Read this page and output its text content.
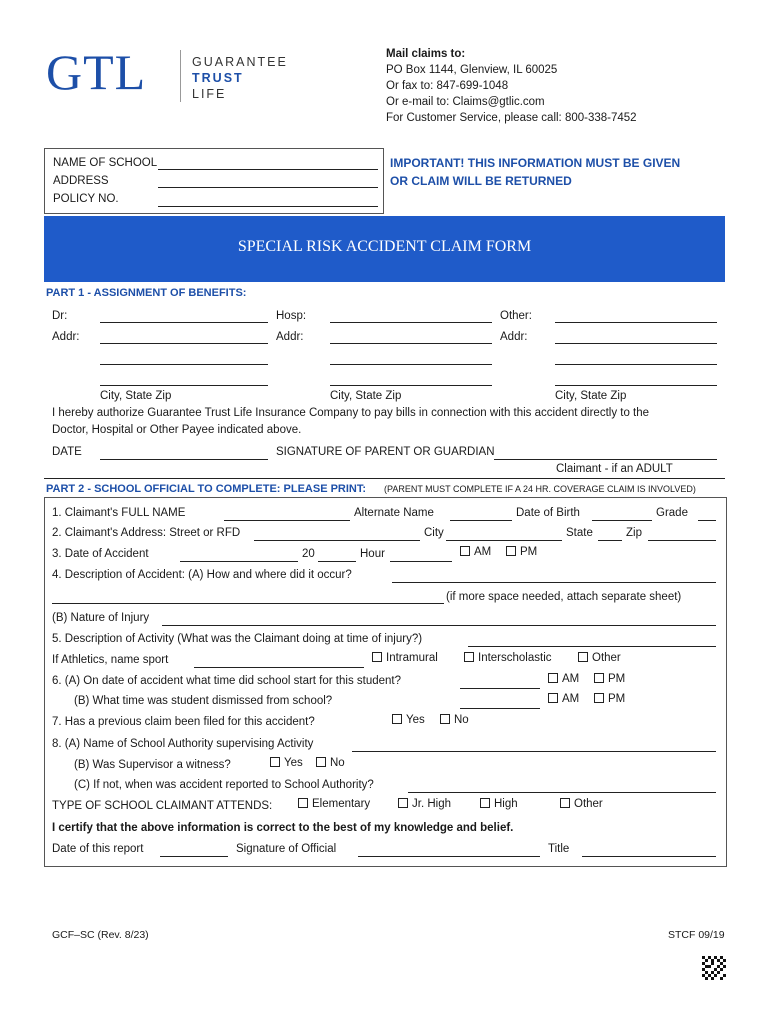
GTL	GUARANTEE
TRUST
LIFE
Mail claims to:
PO Box 1144, Glenview, IL 60025
Or fax to: 847-699-1048
Or e-mail to: Claims@gtlic.com
For Customer Service, please call: 800-338-7452
NAME OF SCHOOL
ADDRESS
POLICY NO.
IMPORTANT! THIS INFORMATION MUST BE GIVEN
OR CLAIM WILL BE RETURNED
SPECIAL RISK ACCIDENT CLAIM FORM
PART 1 - ASSIGNMENT OF BENEFITS:
Dr:	Hosp:	Other:
Addr:	Addr:	Addr:
City, State Zip	City, State Zip	City, State Zip
I hereby authorize Guarantee Trust Life Insurance Company to pay bills in connection with this accident directly to the
Doctor, Hospital or Other Payee indicated above.
DATE	SIGNATURE OF PARENT OR GUARDIAN
Claimant - if an ADULT
PART 2 - SCHOOL OFFICIAL TO COMPLETE: PLEASE PRINT: (PARENT MUST COMPLETE IF A 24 HR. COVERAGE CLAIM IS INVOLVED)
1. Claimant's FULL NAME	Alternate Name	Date of Birth	Grade
2. Claimant's Address: Street or RFD	City	State	Zip
3. Date of Accident	20	Hour	AM	PM
4. Description of Accident: (A) How and where did it occur?
(if more space needed, attach separate sheet)
(B) Nature of Injury
5. Description of Activity (What was the Claimant doing at time of injury?)
If Athletics, name sport	Intramural	Interscholastic	Other
6. (A) On date of accident what time did school start for this student?	AM	PM
(B) What time was student dismissed from school?	AM	PM
7. Has a previous claim been filed for this accident?	Yes	No
8. (A) Name of School Authority supervising Activity
(B) Was Supervisor a witness?	Yes	No
(C) If not, when was accident reported to School Authority?
TYPE OF SCHOOL CLAIMANT ATTENDS:	Elementary	Jr. High	High	Other
I certify that the above information is correct to the best of my knowledge and belief.
Date of this report	Signature of Official	Title
GCF–SC (Rev. 8/23)	STCF 09/19
